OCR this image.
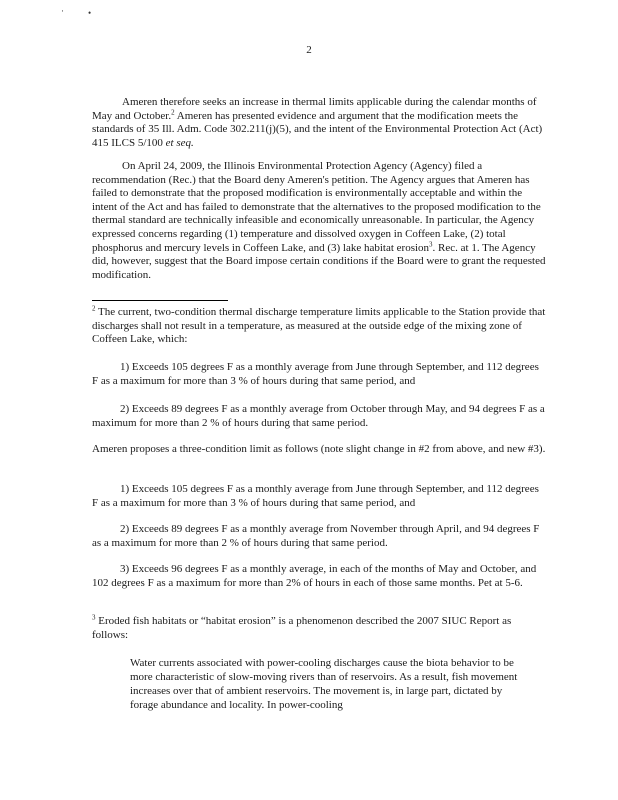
·	•
2

Ameren therefore seeks an increase in thermal limits applicable during the calendar months of May and October.$^2$ Ameren has presented evidence and argument that the modification meets the standards of 35 Ill. Adm. Code 302.211(j)(5), and the intent of the Environmental Protection Act (Act) 415 ILCS 5/100 et seq.

On April 24, 2009, the Illinois Environmental Protection Agency (Agency) filed a recommendation (Rec.) that the Board deny Ameren's petition. The Agency argues that Ameren has failed to demonstrate that the proposed modification is environmentally acceptable and within the intent of the Act and has failed to demonstrate that the alternatives to the proposed modification to the thermal standard are technically infeasible and economically unreasonable. In particular, the Agency expressed concerns regarding (1) temperature and dissolved oxygen in Coffeen Lake, (2) total phosphorus and mercury levels in Coffeen Lake, and (3) lake habitat erosion$^3$. Rec. at 1. The Agency did, however, suggest that the Board impose certain conditions if the Board were to grant the requested modification.

$^2$ The current, two-condition thermal discharge temperature limits applicable to the Station provide that discharges shall not result in a temperature, as measured at the outside edge of the mixing zone of Coffeen Lake, which:

1) Exceeds 105 degrees F as a monthly average from June through September, and 112 degrees F as a maximum for more than 3 % of hours during that same period, and

2) Exceeds 89 degrees F as a monthly average from October through May, and 94 degrees F as a maximum for more than 2 % of hours during that same period.

Ameren proposes a three-condition limit as follows (note slight change in #2 from above, and new #3).

1) Exceeds 105 degrees F as a monthly average from June through September, and 112 degrees F as a maximum for more than 3 % of hours during that same period, and

2) Exceeds 89 degrees F as a monthly average from November through April, and 94 degrees F as a maximum for more than 2 % of hours during that same period.

3) Exceeds 96 degrees F as a monthly average, in each of the months of May and October, and 102 degrees F as a maximum for more than 2% of hours in each of those same months. Pet at 5-6.

$^3$ Eroded fish habitats or “habitat erosion” is a phenomenon described the 2007 SIUC Report as follows:

Water currents associated with power-cooling discharges cause the biota behavior to be more characteristic of slow-moving rivers than of reservoirs. As a result, fish movement increases over that of ambient reservoirs. The movement is, in large part, dictated by forage abundance and locality. In power-cooling
